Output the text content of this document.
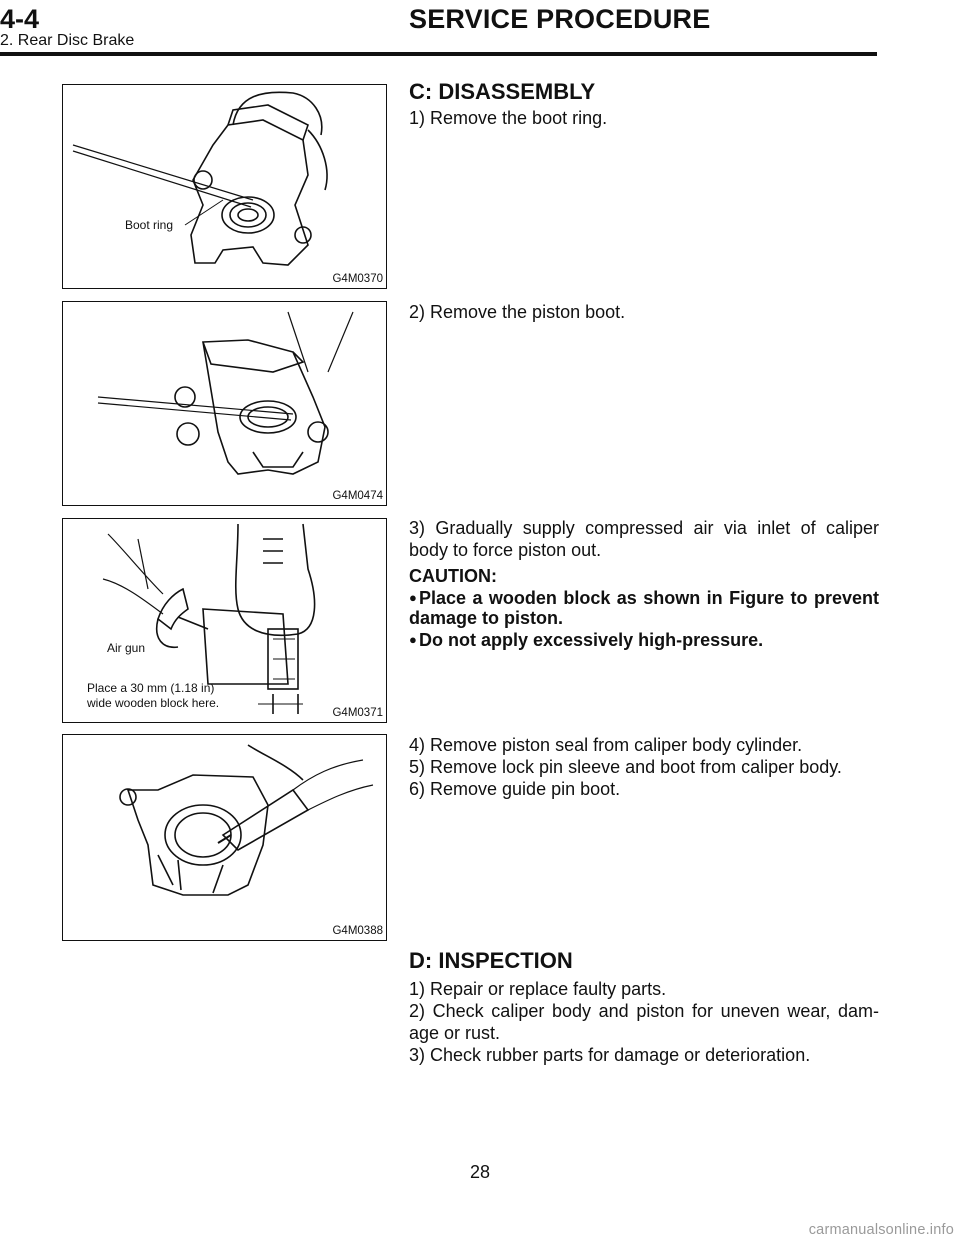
4-4	SERVICE PROCEDURE
2. Rear Disc Brake
Boot ring
G4M0370
G4M0474
Air gun
Place a 30 mm (1.18 in)
wide wooden block here.
G4M0371
G4M0388
C: DISASSEMBLY
1) Remove the boot ring.
2) Remove the piston boot.
3) Gradually supply compressed air via inlet of caliper
body to force piston out.
CAUTION:
● Place a wooden block as shown in Figure to prevent
damage to piston.
● Do not apply excessively high-pressure.
4) Remove piston seal from caliper body cylinder.
5) Remove lock pin sleeve and boot from caliper body.
6) Remove guide pin boot.
D: INSPECTION
1) Repair or replace faulty parts.
2) Check caliper body and piston for uneven wear, dam-
age or rust.
3) Check rubber parts for damage or deterioration.
28
carmanualsonline.info
